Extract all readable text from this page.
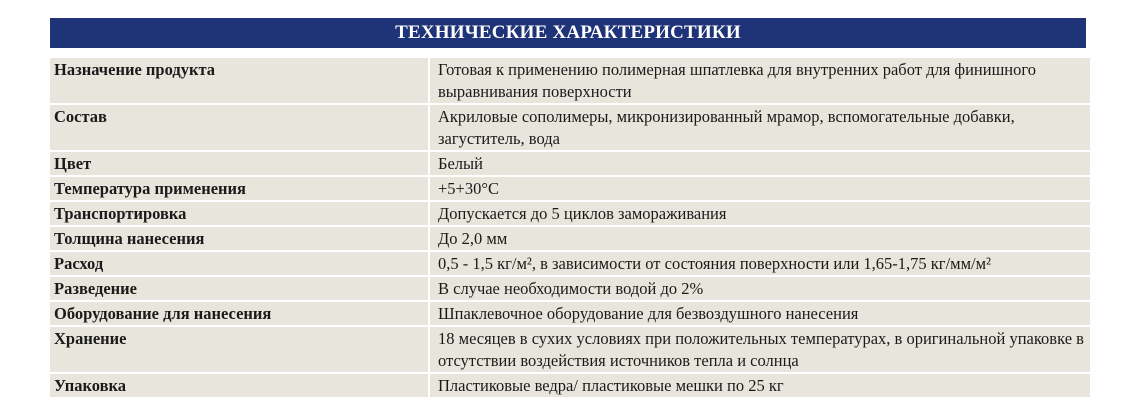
ТЕХНИЧЕСКИЕ ХАРАКТЕРИСТИКИ
Назначение продукта	Готовая к применению полимерная шпатлевка для внутренних работ для финишного выравнивания поверхности
Состав	Акриловые сополимеры, микронизированный мрамор, вспомогательные добавки, загуститель, вода
Цвет	Белый
Температура применения	+5+30°С
Транспортировка	Допускается до 5 циклов замораживания
Толщина нанесения	До 2,0 мм
Расход	0,5 - 1,5 кг/м², в зависимости от состояния поверхности или 1,65-1,75 кг/мм/м²
Разведение	В случае необходимости водой до 2%
Оборудование для нанесения	Шпаклевочное оборудование для безвоздушного нанесения
Хранение	18 месяцев в сухих условиях при положительных температурах, в оригинальной упаковке в отсутствии воздействия источников тепла и солнца
Упаковка	Пластиковые ведра/ пластиковые мешки по 25 кг
